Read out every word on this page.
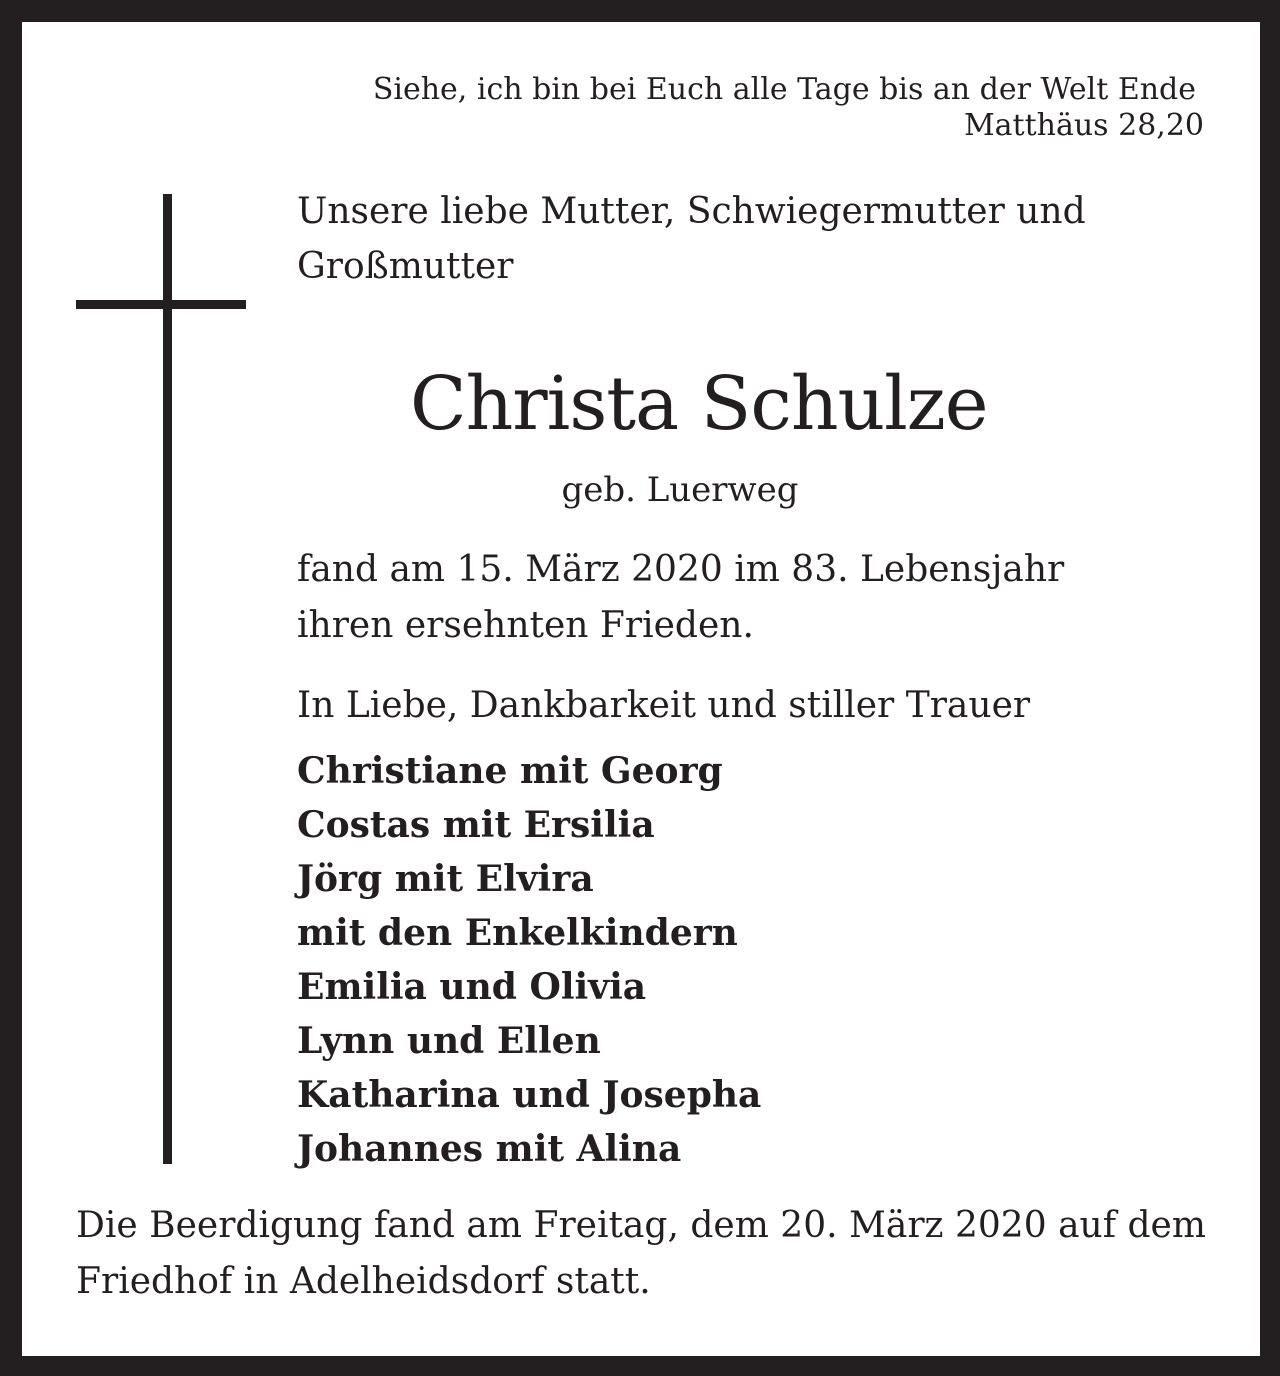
Siehe, ich bin bei Euch alle Tage bis an der Welt Ende
Matthäus 28,20
Unsere liebe Mutter, Schwiegermutter und
Großmutter
Christa Schulze
geb. Luerweg
fand am 15. März 2020 im 83. Lebensjahr
ihren ersehnten Frieden.
In Liebe, Dankbarkeit und stiller Trauer
Christiane mit Georg
Costas mit Ersilia
Jörg mit Elvira
mit den Enkelkindern
Emilia und Olivia
Lynn und Ellen
Katharina und Josepha
Johannes mit Alina
Die Beerdigung fand am Freitag, dem 20. März 2020 auf dem Friedhof in Adelheidsdorf statt.
